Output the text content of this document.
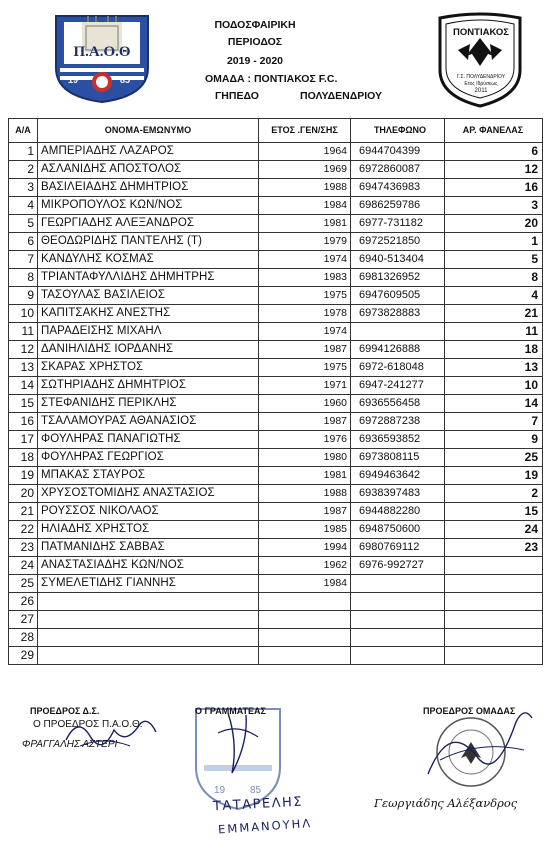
Π.Α.Ο.Θ
19	85
ΠΟΝΤΙΑΚΟΣ
Γ.Σ. ΠΟΛΥΔΕΝΔΡΙΟΥ
Ετος Ιδρύσεως
2011
ΠΟΔΟΣΦΑΙΡΙΚΗ
ΠΕΡΙΟΔΟΣ
2019 - 2020
ΟΜΑΔΑ : ΠΟΝΤΙΑΚΟΣ F.C.
ΓΗΠΕΔΟ	ΠΟΛΥΔΕΝΔΡΙΟΥ
Α/Α	ΟΝΟΜΑ-ΕΜΩΝΥΜΟ	ΕΤΟΣ .ΓΕΝ/ΣΗΣ	ΤΗΛΕΦΩΝΟ	ΑΡ. ΦΑΝΕΛΑΣ
1	ΑΜΠΕΡΙΑΔΗΣ ΛΑΖΑΡΟΣ	1964	6944704399	6
2	ΑΣΛΑΝΙΔΗΣ ΑΠΟΣΤΟΛΟΣ	1969	6972860087	12
3	ΒΑΣΙΛΕΙΑΔΗΣ ΔΗΜΗΤΡΙΟΣ	1988	6947436983	16
4	ΜΙΚΡΟΠΟΥΛΟΣ ΚΩΝ/ΝΟΣ	1984	6986259786	3
5	ΓΕΩΡΓΙΑΔΗΣ ΑΛΕΞΑΝΔΡΟΣ	1981	6977-731182	20
6	ΘΕΟΔΩΡΙΔΗΣ ΠΑΝΤΕΛΗΣ (Τ)	1979	6972521850	1
7	ΚΑΝΔΥΛΗΣ ΚΟΣΜΑΣ	1974	6940-513404	5
8	ΤΡΙΑΝΤΑΦΥΛΛΙΔΗΣ ΔΗΜΗΤΡΗΣ	1983	6981326952	8
9	ΤΑΣΟΥΛΑΣ ΒΑΣΙΛΕΙΟΣ	1975	6947609505	4
10	ΚΑΠΙΤΣΑΚΗΣ ΑΝΕΣΤΗΣ	1978	6973828883	21
11	ΠΑΡΑΔΕΙΣΗΣ ΜΙΧΑΗΛ	1974		11
12	ΔΑΝΙΗΛΙΔΗΣ ΙΟΡΔΑΝΗΣ	1987	6994126888	18
13	ΣΚΑΡΑΣ ΧΡΗΣΤΟΣ	1975	6972-618048	13
14	ΣΩΤΗΡΙΑΔΗΣ ΔΗΜΗΤΡΙΟΣ	1971	6947-241277	10
15	ΣΤΕΦΑΝΙΔΗΣ ΠΕΡΙΚΛΗΣ	1960	6936556458	14
16	ΤΣΑΛΑΜΟΥΡΑΣ ΑΘΑΝΑΣΙΟΣ	1987	6972887238	7
17	ΦΟΥΛΗΡΑΣ ΠΑΝΑΓΙΩΤΗΣ	1976	6936593852	9
18	ΦΟΥΛΗΡΑΣ ΓΕΩΡΓΙΟΣ	1980	6973808115	25
19	ΜΠΑΚΑΣ ΣΤΑΥΡΟΣ	1981	6949463642	19
20	ΧΡΥΣΟΣΤΟΜΙΔΗΣ ΑΝΑΣΤΑΣΙΟΣ	1988	6938397483	2
21	ΡΟΥΣΣΟΣ ΝΙΚΟΛΑΟΣ	1987	6944882280	15
22	ΗΛΙΑΔΗΣ ΧΡΗΣΤΟΣ	1985	6948750600	24
23	ΠΑΤΜΑΝΙΔΗΣ ΣΑΒΒΑΣ	1994	6980769112	23
24	ΑΝΑΣΤΑΣΙΑΔΗΣ ΚΩΝ/ΝΟΣ	1962	6976-992727	
25	ΣΥΜΕΛΕΤΙΔΗΣ ΓΙΑΝΝΗΣ	1984		
26				
27				
28				
29				
ΠΡΟΕΔΡΟΣ Δ.Σ.
Ο ΠΡΟΕΔΡΟΣ Π.Α.Ο.Θ.
ΦΡΑΓΓΑΛΗΣ ΑΣΤΕΡΙ
19 85
Ο ΓΡΑΜΜΑΤΕΑΣ
ΤΑΤΑΡΕΛΗΣ
ΕΜΜΑΝΟΥΗΛ
ΠΡΟΕΔΡΟΣ ΟΜΑΔΑΣ
Γεωργιάδης Αλέξανδρος
